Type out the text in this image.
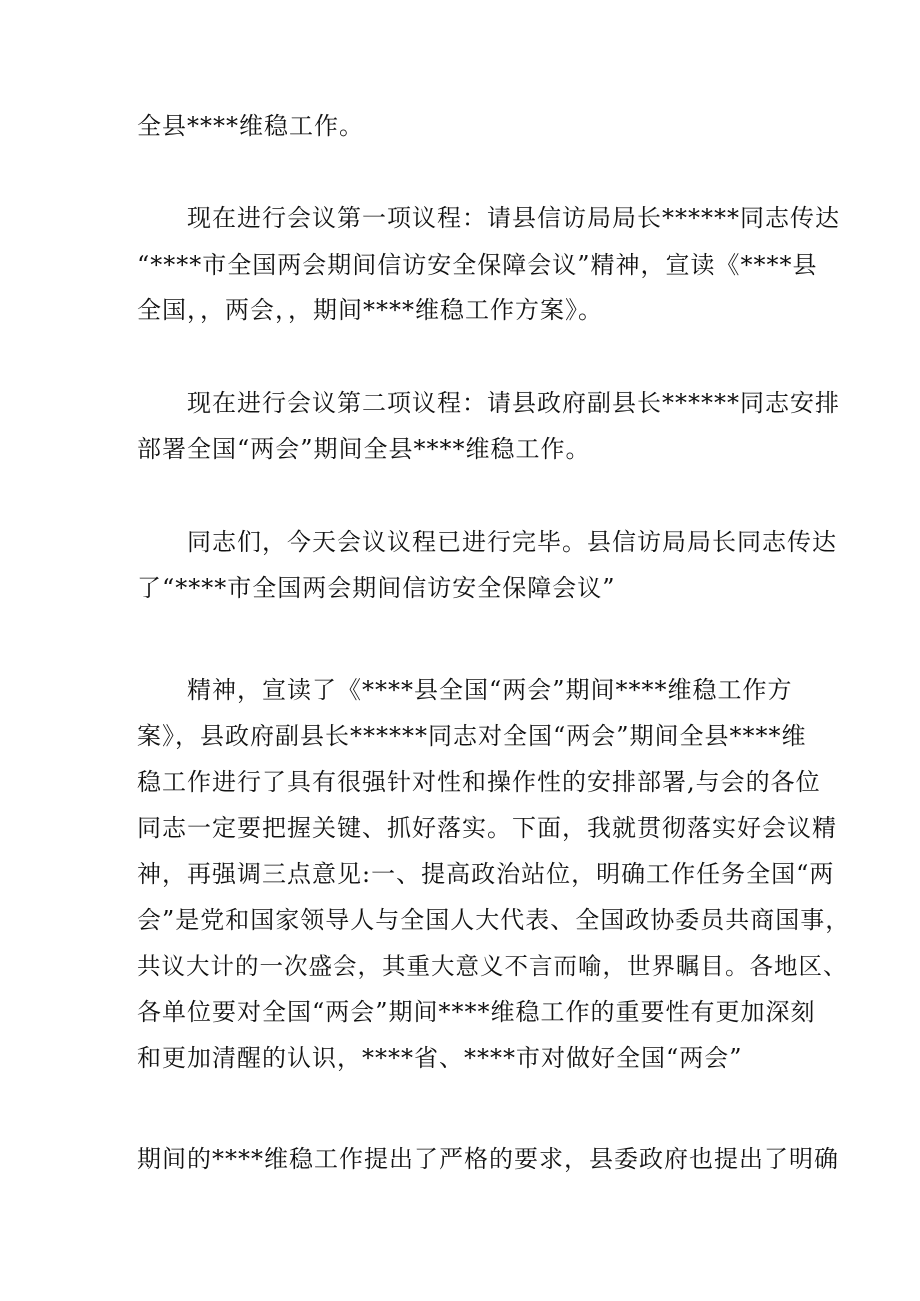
全县****维稳工作。
现在进行会议第一项议程：请县信访局局长******同志传达
“****市全国两会期间信访安全保障会议”精神，宣读《****县
全国，，两会，，期间****维稳工作方案》。
现在进行会议第二项议程：请县政府副县长******同志安排
部署全国“两会”期间全县****维稳工作。
同志们，今天会议议程已进行完毕。县信访局局长同志传达
了“****市全国两会期间信访安全保障会议”
精神，宣读了《****县全国“两会”期间****维稳工作方
案》，县政府副县长******同志对全国“两会”期间全县****维
稳工作进行了具有很强针对性和操作性的安排部署,与会的各位
同志一定要把握关键、抓好落实。下面，我就贯彻落实好会议精
神，再强调三点意见:一、提高政治站位，明确工作任务全国“两
会”是党和国家领导人与全国人大代表、全国政协委员共商国事，
共议大计的一次盛会，其重大意义不言而喻，世界瞩目。各地区、
各单位要对全国“两会”期间****维稳工作的重要性有更加深刻
和更加清醒的认识，****省、****市对做好全国“两会”
期间的****维稳工作提出了严格的要求，县委政府也提出了明确
